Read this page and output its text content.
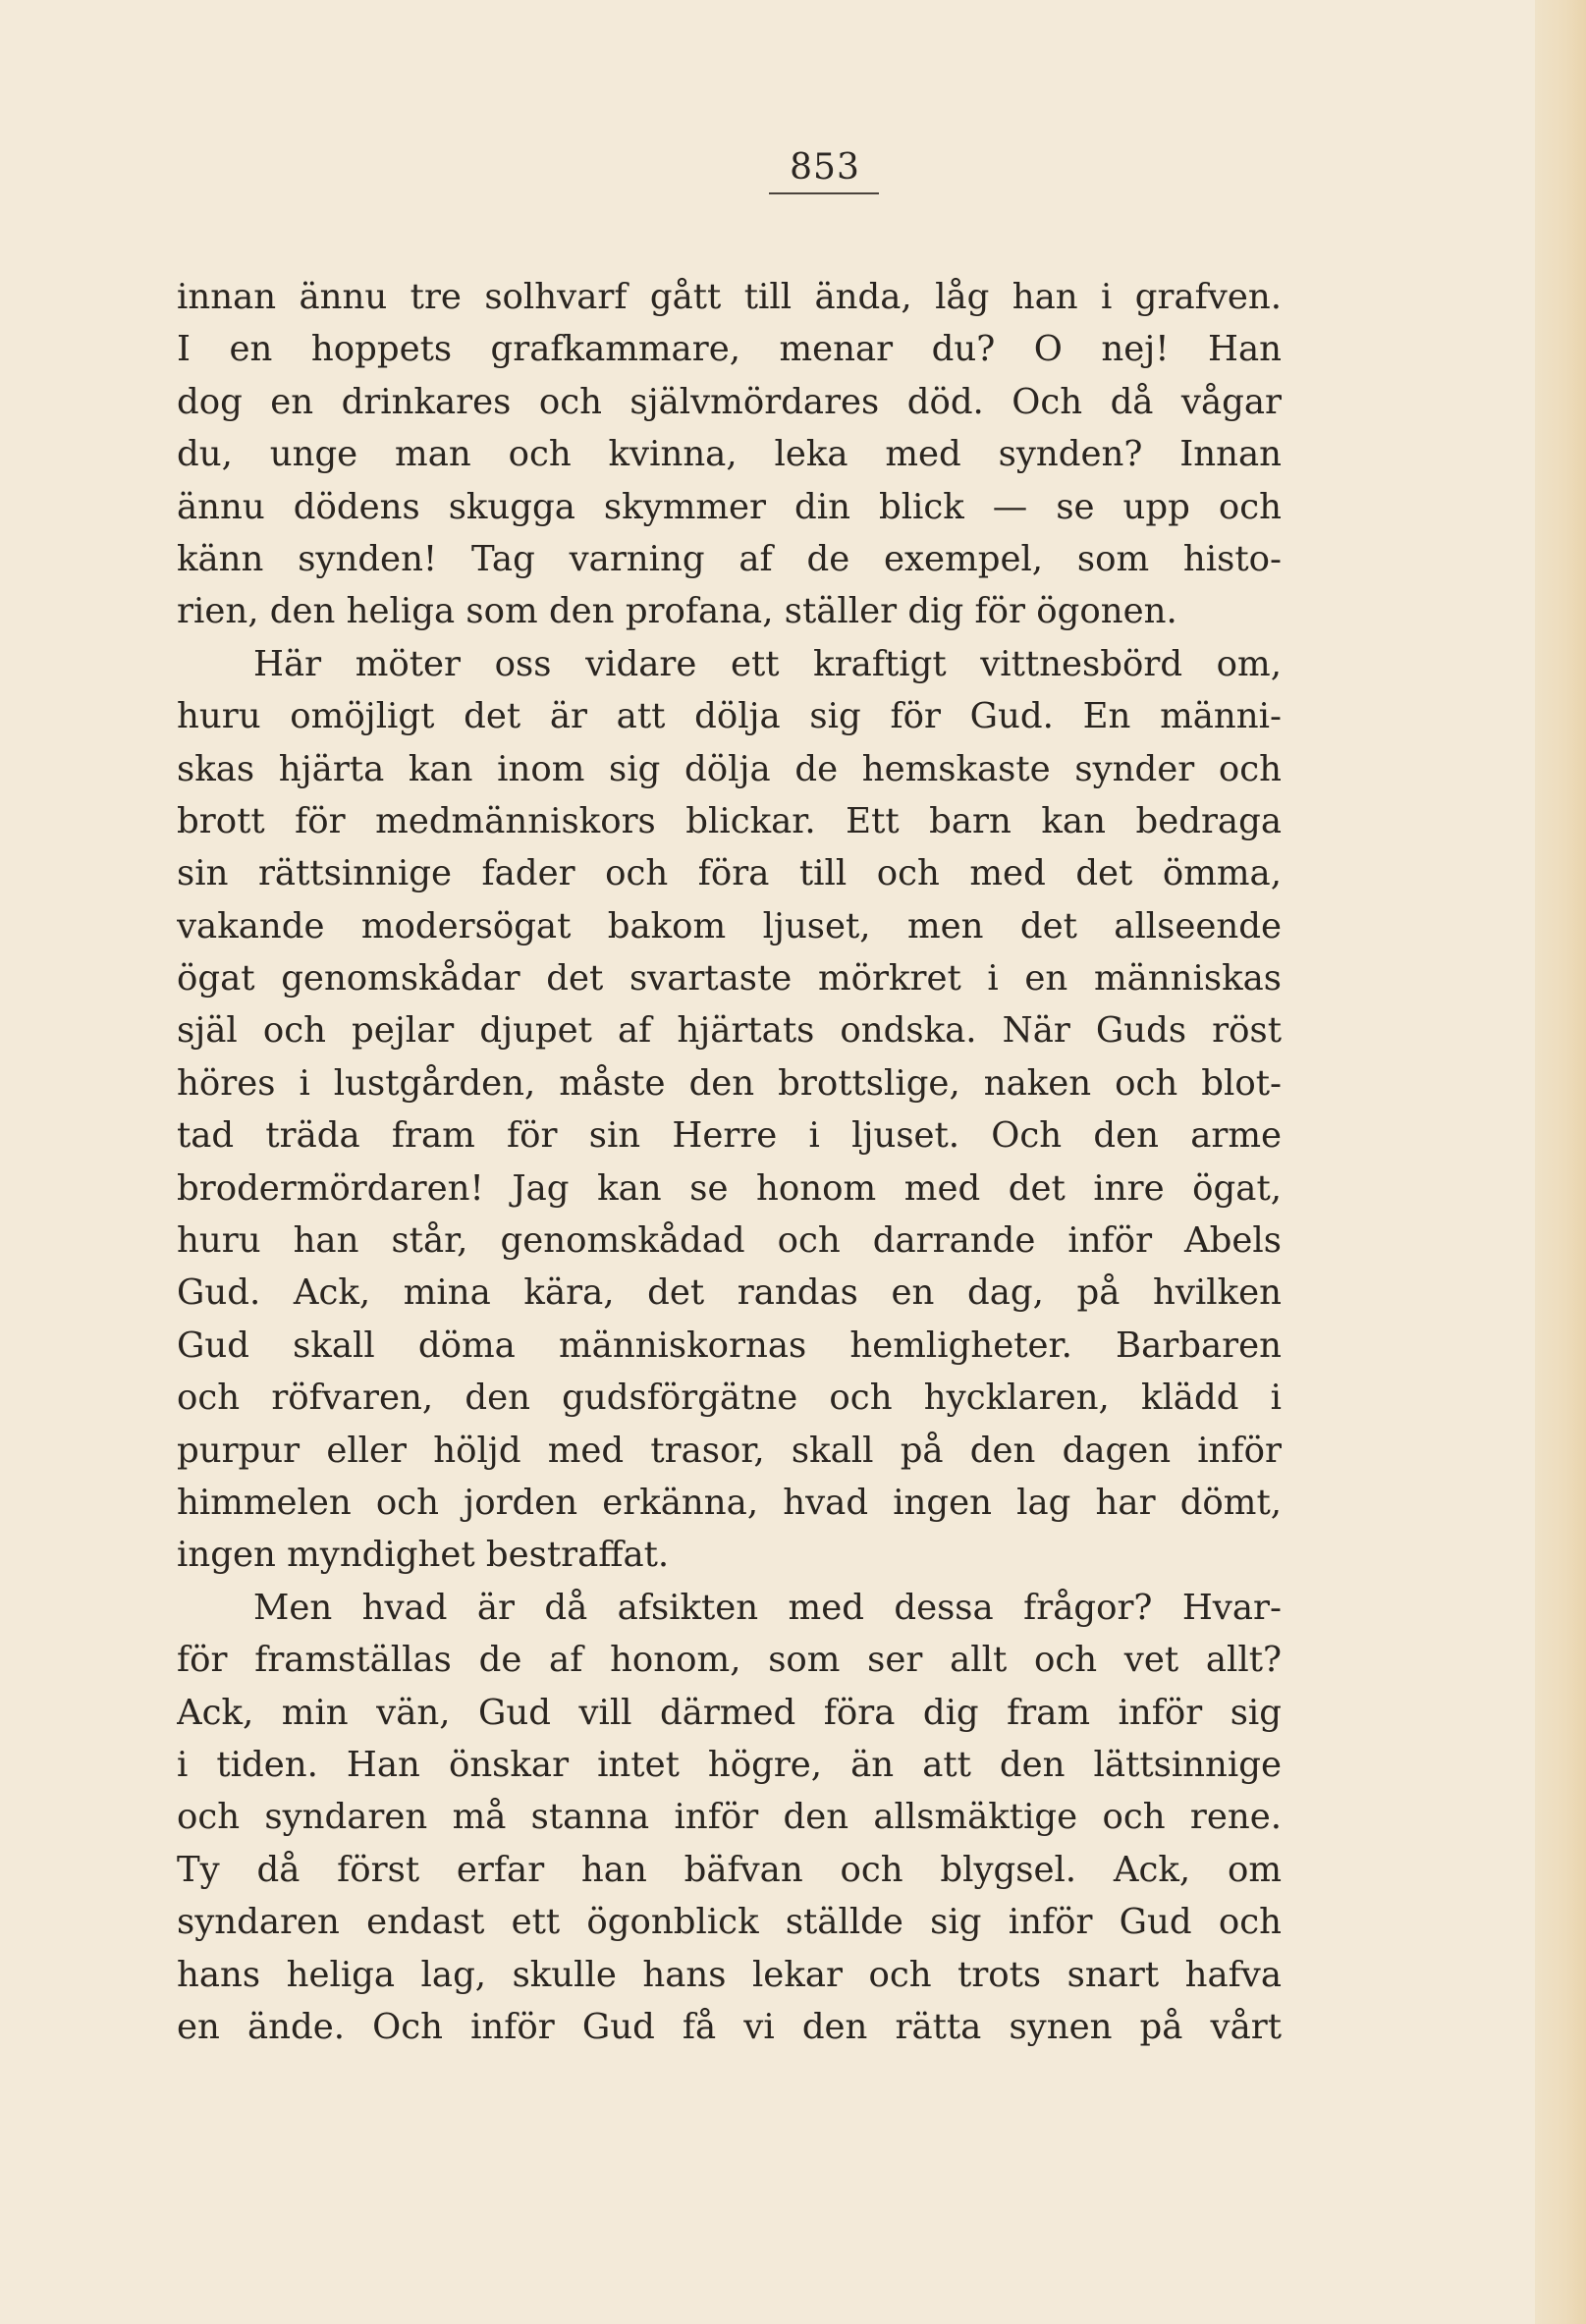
853
innan ännu tre solhvarf gått till ända, låg han i grafven.
I en hoppets grafkammare, menar du? O nej! Han
dog en drinkares och självmördares död. Och då vågar
du, unge man och kvinna, leka med synden? Innan
ännu dödens skugga skymmer din blick — se upp och
känn synden! Tag varning af de exempel, som histo-
rien, den heliga som den profana, ställer dig för ögonen.
Här möter oss vidare ett kraftigt vittnesbörd om,
huru omöjligt det är att dölja sig för Gud. En männi-
skas hjärta kan inom sig dölja de hemskaste synder och
brott för medmänniskors blickar. Ett barn kan bedraga
sin rättsinnige fader och föra till och med det ömma,
vakande modersögat bakom ljuset, men det allseende
ögat genomskådar det svartaste mörkret i en människas
själ och pejlar djupet af hjärtats ondska. När Guds röst
höres i lustgården, måste den brottslige, naken och blot-
tad träda fram för sin Herre i ljuset. Och den arme
brodermördaren! Jag kan se honom med det inre ögat,
huru han står, genomskådad och darrande inför Abels
Gud. Ack, mina kära, det randas en dag, på hvilken
Gud skall döma människornas hemligheter. Barbaren
och röfvaren, den gudsförgätne och hycklaren, klädd i
purpur eller höljd med trasor, skall på den dagen inför
himmelen och jorden erkänna, hvad ingen lag har dömt,
ingen myndighet bestraffat.
Men hvad är då afsikten med dessa frågor? Hvar-
för framställas de af honom, som ser allt och vet allt?
Ack, min vän, Gud vill därmed föra dig fram inför sig
i tiden. Han önskar intet högre, än att den lättsinnige
och syndaren må stanna inför den allsmäktige och rene.
Ty då först erfar han bäfvan och blygsel. Ack, om
syndaren endast ett ögonblick ställde sig inför Gud och
hans heliga lag, skulle hans lekar och trots snart hafva
en ände. Och inför Gud få vi den rätta synen på vårt
